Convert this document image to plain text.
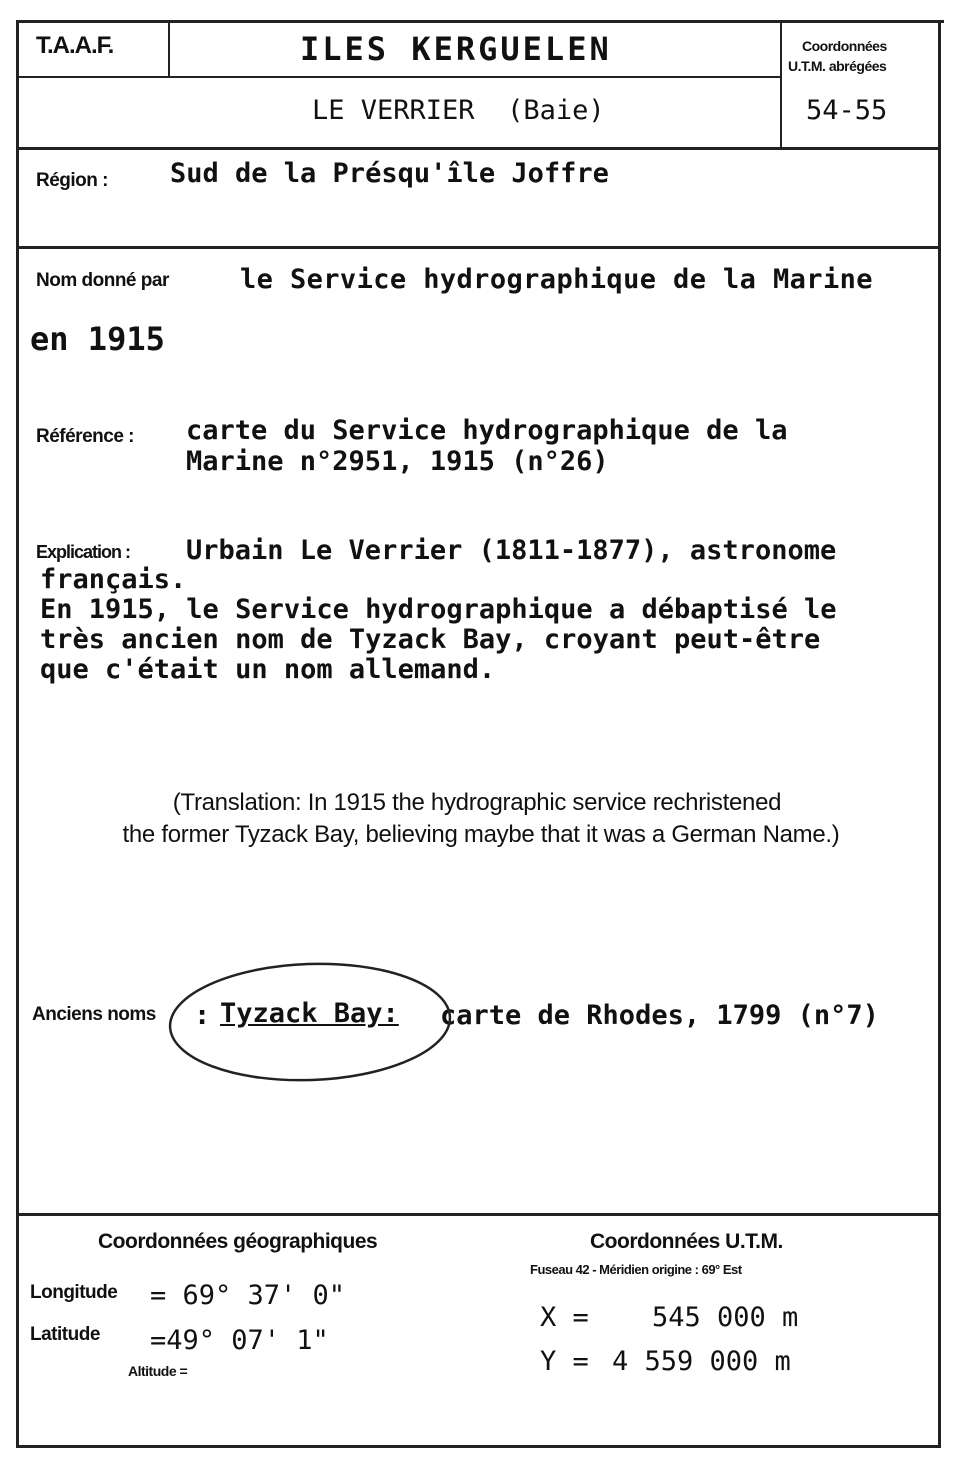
T.A.A.F.	ILES KERGUELEN
LE VERRIER  (Baie)
Coordonnées
U.T.M. abrégées
54-55
Région : Sud de la Présqu'île Joffre
Nom donné par	le Service hydrographique de la Marine
en 1915
Référence : carte du Service hydrographique de la
Marine n°2951, 1915 (n°26)
Explication : Urbain Le Verrier (1811-1877), astronome
français.
En 1915, le Service hydrographique a débaptisé le
très ancien nom de Tyzack Bay, croyant peut-être
que c'était un nom allemand.
(Translation: In 1915 the hydrographic service rechristened
the former Tyzack Bay, believing maybe that it was a German Name.)
Anciens noms : Tyzack Bay: carte de Rhodes, 1799 (n°7)
Coordonnées géographiques
Longitude = 69° 37' 0"
Latitude =49° 07' 1"
Altitude =
Coordonnées U.T.M.
Fuseau 42 - Méridien origine : 69° Est
X = 545 000 m
Y = 4 559 000 m
